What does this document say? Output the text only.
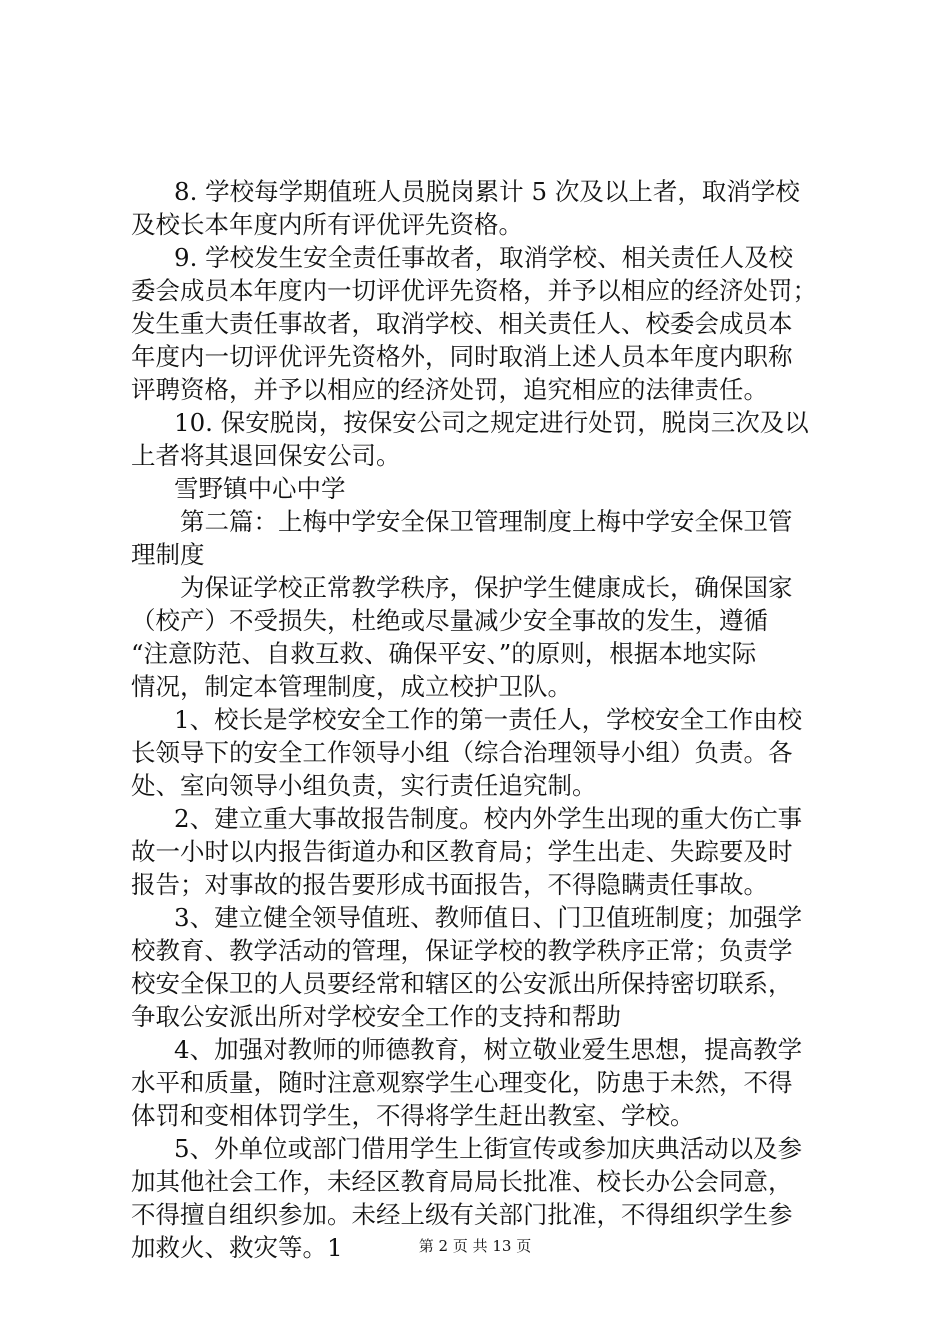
8. 学校每学期值班人员脱岗累计 5 次及以上者，取消学校
及校长本年度内所有评优评先资格。
9. 学校发生安全责任事故者，取消学校、相关责任人及校
委会成员本年度内一切评优评先资格，并予以相应的经济处罚；
发生重大责任事故者，取消学校、相关责任人、校委会成员本
年度内一切评优评先资格外，同时取消上述人员本年度内职称
评聘资格，并予以相应的经济处罚，追究相应的法律责任。
10. 保安脱岗，按保安公司之规定进行处罚，脱岗三次及以
上者将其退回保安公司。
雪野镇中心中学
第二篇：上梅中学安全保卫管理制度上梅中学安全保卫管
理制度
为保证学校正常教学秩序，保护学生健康成长，确保国家
（校产）不受损失，杜绝或尽量减少安全事故的发生，遵循
“注意防范、自救互救、确保平安、”的原则，根据本地实际
情况，制定本管理制度，成立校护卫队。
1、校长是学校安全工作的第一责任人，学校安全工作由校
长领导下的安全工作领导小组（综合治理领导小组）负责。各
处、室向领导小组负责，实行责任追究制。
2、建立重大事故报告制度。校内外学生出现的重大伤亡事
故一小时以内报告街道办和区教育局；学生出走、失踪要及时
报告；对事故的报告要形成书面报告，不得隐瞒责任事故。
3、建立健全领导值班、教师值日、门卫值班制度；加强学
校教育、教学活动的管理，保证学校的教学秩序正常；负责学
校安全保卫的人员要经常和辖区的公安派出所保持密切联系，
争取公安派出所对学校安全工作的支持和帮助
4、加强对教师的师德教育，树立敬业爱生思想，提高教学
水平和质量，随时注意观察学生心理变化，防患于未然，不得
体罚和变相体罚学生，不得将学生赶出教室、学校。
5、外单位或部门借用学生上街宣传或参加庆典活动以及参
加其他社会工作，未经区教育局局长批准、校长办公会同意，
不得擅自组织参加。未经上级有关部门批准，不得组织学生参
加救火、救灾等。1	第 2 页 共 13 页
